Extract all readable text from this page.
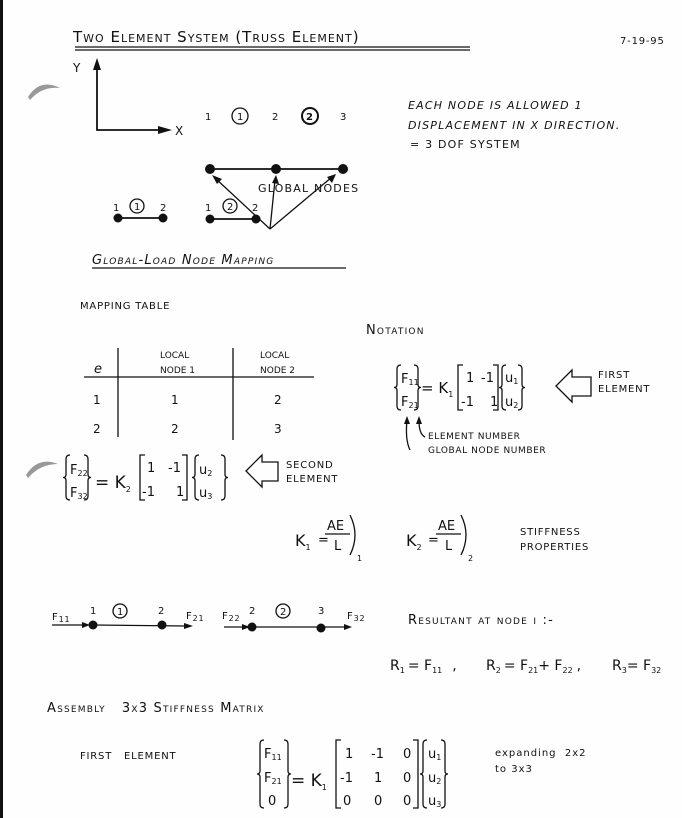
Two Element System (Truss Element)	7-19-95
Y
X
1	2	3
1	2
GLOBAL NODES
1 1 2	1 2 2
EACH NODE IS ALLOWED 1
DISPLACEMENT IN X DIRECTION.
= 3 DOF SYSTEM
Global-Load Node Mapping
MAPPING TABLE
e
LOCAL
NODE 1
LOCAL
NODE 2
1	1	2
2	2	3
Notation
F11
F21
= $K_1$
1 -1
-1 1
u1
u2
FIRST
ELEMENT
ELEMENT NUMBER
GLOBAL NODE NUMBER
F22
F32
= $K_2$
1 -1
-1 1
u2
u3
SECOND
ELEMENT
$K_1$ =
AE
L
1
$K_2$ =
AE
L
2
STIFFNESS
PROPERTIES
$F_{11}$
1 1	2 $F_{21}$ $F_{22}$
2 2	3 $F_{32}$	Resultant at node i :-
$R_1 = F_{11}$ , $R_2 = F_{21}+ F_{22}$ , $R_3= F_{32}$
Assembly   3x3 Stiffness Matrix
FIRST   ELEMENT	F11
F21
0
= $K_1$
1 -1 0
-1 1 0
0 0 0
u1
u2
u3
expanding  2x2
to 3x3
